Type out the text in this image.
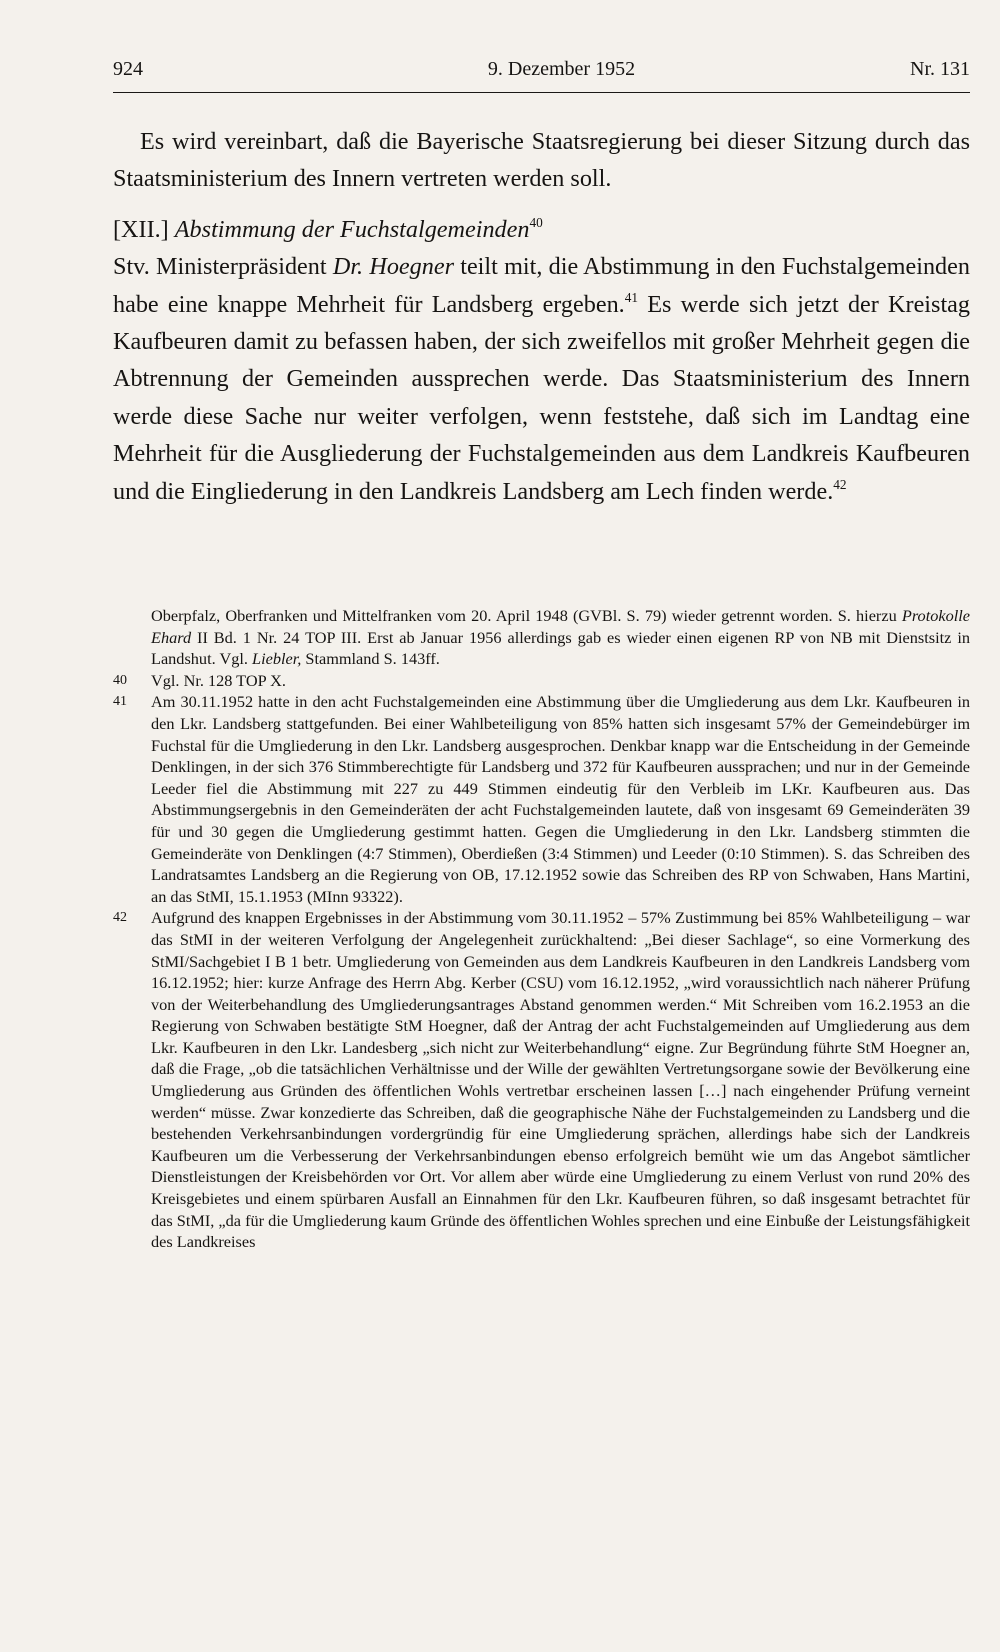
924	9. Dezember 1952	Nr. 131

Es wird vereinbart, daß die Bayerische Staatsregierung bei dieser Sitzung durch das Staatsministerium des Innern vertreten werden soll.

[XII.] Abstimmung der Fuchstalgemeinden$^{40}$

Stv. Ministerpräsident Dr. Hoegner teilt mit, die Abstimmung in den Fuchstalgemeinden habe eine knappe Mehrheit für Landsberg ergeben.$^{41}$ Es werde sich jetzt der Kreistag Kaufbeuren damit zu befassen haben, der sich zweifellos mit großer Mehrheit gegen die Abtrennung der Gemeinden aussprechen werde. Das Staatsministerium des Innern werde diese Sache nur weiter verfolgen, wenn feststehe, daß sich im Landtag eine Mehrheit für die Ausgliederung der Fuchstalgemeinden aus dem Landkreis Kaufbeuren und die Eingliederung in den Landkreis Landsberg am Lech finden werde.$^{42}$

Oberpfalz, Oberfranken und Mittelfranken vom 20. April 1948 (GVBl. S. 79) wieder getrennt worden. S. hierzu Protokolle Ehard II Bd. 1 Nr. 24 TOP III. Erst ab Januar 1956 allerdings gab es wieder einen eigenen RP von NB mit Dienstsitz in Landshut. Vgl. Liebler, Stammland S. 143ff.

40 Vgl. Nr. 128 TOP X.

41 Am 30.11.1952 hatte in den acht Fuchstalgemeinden eine Abstimmung über die Umgliederung aus dem Lkr. Kaufbeuren in den Lkr. Landsberg stattgefunden. Bei einer Wahlbeteiligung von 85% hatten sich insgesamt 57% der Gemeindebürger im Fuchstal für die Umgliederung in den Lkr. Landsberg ausgesprochen. Denkbar knapp war die Entscheidung in der Gemeinde Denklingen, in der sich 376 Stimmberechtigte für Landsberg und 372 für Kaufbeuren aussprachen; und nur in der Gemeinde Leeder fiel die Abstimmung mit 227 zu 449 Stimmen eindeutig für den Verbleib im LKr. Kaufbeuren aus. Das Abstimmungsergebnis in den Gemeinderäten der acht Fuchstalgemeinden lautete, daß von insgesamt 69 Gemeinderäten 39 für und 30 gegen die Umgliederung gestimmt hatten. Gegen die Umgliederung in den Lkr. Landsberg stimmten die Gemeinderäte von Denklingen (4:7 Stimmen), Oberdießen (3:4 Stimmen) und Leeder (0:10 Stimmen). S. das Schreiben des Landratsamtes Landsberg an die Regierung von OB, 17.12.1952 sowie das Schreiben des RP von Schwaben, Hans Martini, an das StMI, 15.1.1953 (MInn 93322).

42 Aufgrund des knappen Ergebnisses in der Abstimmung vom 30.11.1952 – 57% Zustimmung bei 85% Wahlbeteiligung – war das StMI in der weiteren Verfolgung der Angelegenheit zurückhaltend: „Bei dieser Sachlage“, so eine Vormerkung des StMI/Sachgebiet I B 1 betr. Umgliederung von Gemeinden aus dem Landkreis Kaufbeuren in den Landkreis Landsberg vom 16.12.1952; hier: kurze Anfrage des Herrn Abg. Kerber (CSU) vom 16.12.1952, „wird voraussichtlich nach näherer Prüfung von der Weiterbehandlung des Umgliederungsantrages Abstand genommen werden.“ Mit Schreiben vom 16.2.1953 an die Regierung von Schwaben bestätigte StM Hoegner, daß der Antrag der acht Fuchstalgemeinden auf Umgliederung aus dem Lkr. Kaufbeuren in den Lkr. Landesberg „sich nicht zur Weiterbehandlung“ eigne. Zur Begründung führte StM Hoegner an, daß die Frage, „ob die tatsächlichen Verhältnisse und der Wille der gewählten Vertretungsorgane sowie der Bevölkerung eine Umgliederung aus Gründen des öffentlichen Wohls vertretbar erscheinen lassen […] nach eingehender Prüfung verneint werden“ müsse. Zwar konzedierte das Schreiben, daß die geographische Nähe der Fuchstalgemeinden zu Landsberg und die bestehenden Verkehrsanbindungen vordergründig für eine Umgliederung sprächen, allerdings habe sich der Landkreis Kaufbeuren um die Verbesserung der Verkehrsanbindungen ebenso erfolgreich bemüht wie um das Angebot sämtlicher Dienstleistungen der Kreisbehörden vor Ort. Vor allem aber würde eine Umgliederung zu einem Verlust von rund 20% des Kreisgebietes und einem spürbaren Ausfall an Einnahmen für den Lkr. Kaufbeuren führen, so daß insgesamt betrachtet für das StMI, „da für die Umgliederung kaum Gründe des öffentlichen Wohles sprechen und eine Einbuße der Leistungsfähigkeit des Landkreises
